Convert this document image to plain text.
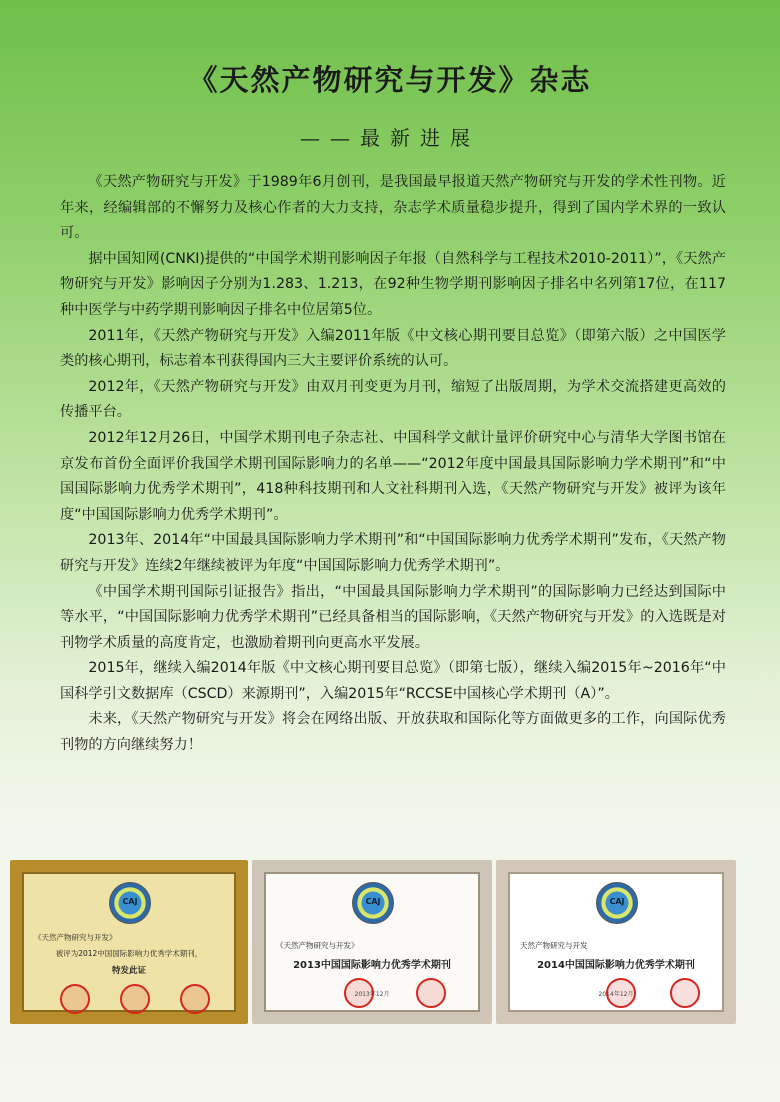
《天然产物研究与开发》杂志
——最新进展

《天然产物研究与开发》于1989年6月创刊，是我国最早报道天然产物研究与开发的学术性刊物。近年来，经编辑部的不懈努力及核心作者的大力支持，杂志学术质量稳步提升，得到了国内学术界的一致认可。

据中国知网(CNKI)提供的“中国学术期刊影响因子年报（自然科学与工程技术2010-2011）”，《天然产物研究与开发》影响因子分别为1.283、1.213，在92种生物学期刊影响因子排名中名列第17位，在117种中医学与中药学期刊影响因子排名中位居第5位。

2011年，《天然产物研究与开发》入编2011年版《中文核心期刊要目总览》（即第六版）之中国医学类的核心期刊，标志着本刊获得国内三大主要评价系统的认可。

2012年，《天然产物研究与开发》由双月刊变更为月刊，缩短了出版周期，为学术交流搭建更高效的传播平台。

2012年12月26日，中国学术期刊电子杂志社、中国科学文献计量评价研究中心与清华大学图书馆在京发布首份全面评价我国学术期刊国际影响力的名单——“2012年度中国最具国际影响力学术期刊”和“中国国际影响力优秀学术期刊”，418种科技期刊和人文社科期刊入选，《天然产物研究与开发》被评为该年度“中国国际影响力优秀学术期刊”。

2013年、2014年“中国最具国际影响力学术期刊”和“中国国际影响力优秀学术期刊”发布，《天然产物研究与开发》连续2年继续被评为年度“中国国际影响力优秀学术期刊”。

《中国学术期刊国际引证报告》指出，“中国最具国际影响力学术期刊”的国际影响力已经达到国际中等水平，“中国国际影响力优秀学术期刊”已经具备相当的国际影响，《天然产物研究与开发》的入选既是对刊物学术质量的高度肯定，也激励着期刊向更高水平发展。

2015年，继续入编2014年版《中文核心期刊要目总览》（即第七版），继续入编2015年~2016年“中国科学引文数据库（CSCD）来源期刊”，入编2015年“RCCSE中国核心学术期刊（A）”。

未来，《天然产物研究与开发》将会在网络出版、开放获取和国际化等方面做更多的工作，向国际优秀刊物的方向继续努力！

CAJ
《天然产物研究与开发》
被评为2012中国国际影响力优秀学术期刊，
特发此证
CAJ
《天然产物研究与开发》
2013中国国际影响力优秀学术期刊
2013年12月
CAJ
天然产物研究与开发
2014中国国际影响力优秀学术期刊
2014年12月
